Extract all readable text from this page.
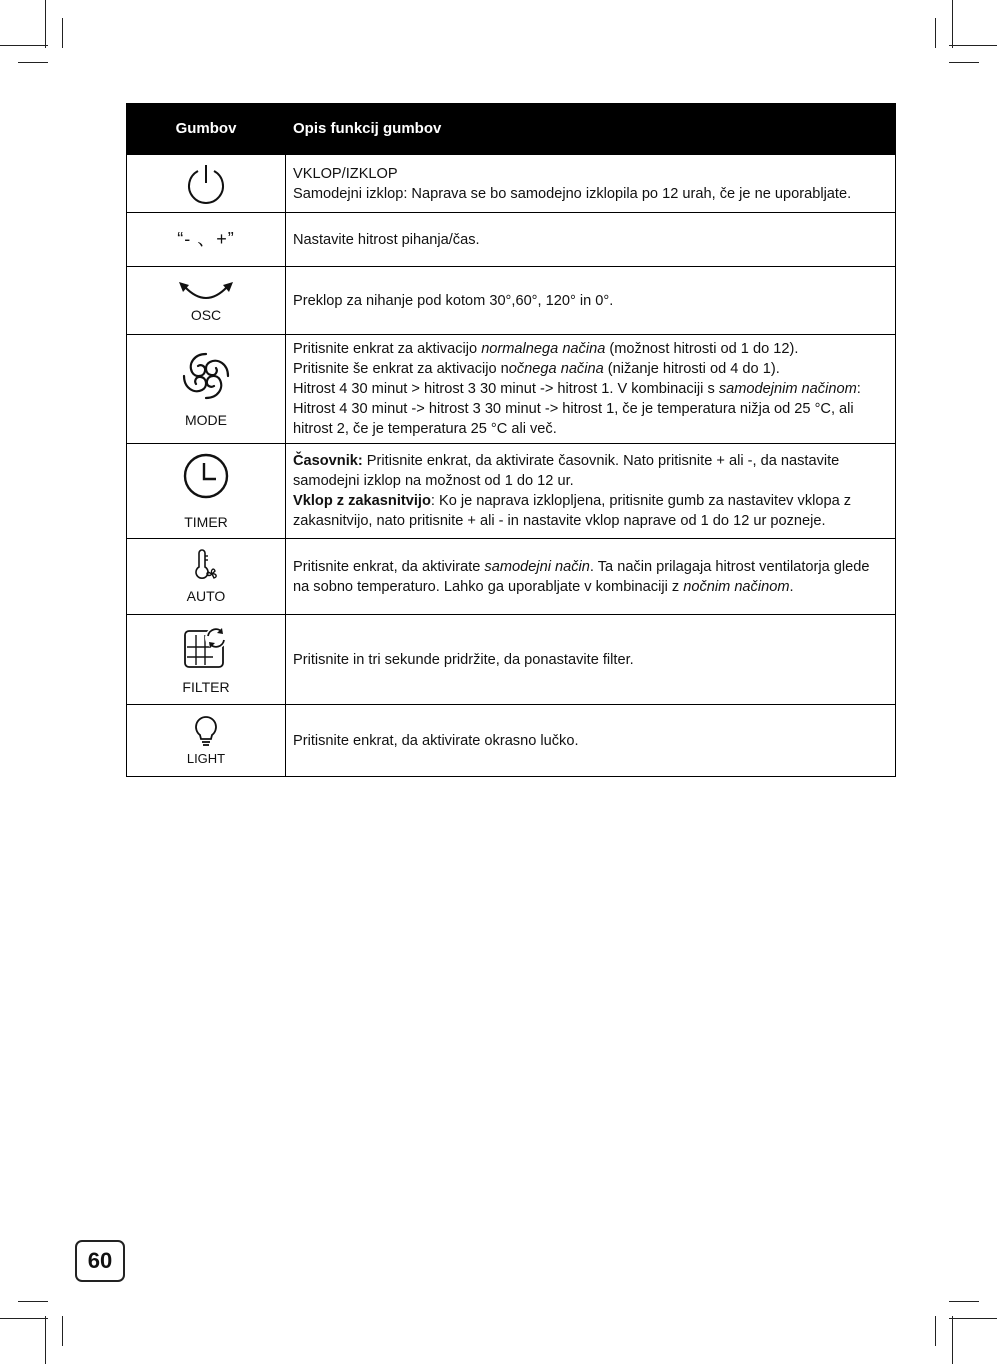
Gumbov	Opis funkcij gumbov

VKLOP/IZKLOP
Samodejni izklop: Naprava se bo samodejno izklopila po 12 urah, če je ne uporabljate.

“- 、+”	Nastavite hitrost pihanja/čas.

OSC	Preklop za nihanje pod kotom 30°,60°, 120° in 0°.

MODE	Pritisnite enkrat za aktivacijo normalnega načina (možnost hitrosti od 1 do 12).
Pritisnite še enkrat za aktivacijo nočnega načina (nižanje hitrosti od 4 do 1).
Hitrost 4 30 minut > hitrost 3 30 minut -> hitrost 1. V kombinaciji s samodejnim načinom: Hitrost 4 30 minut -> hitrost 3 30 minut -> hitrost 1, če je temperatura nižja od 25 °C, ali hitrost 2, če je temperatura 25 °C ali več.

TIMER	Časovnik: Pritisnite enkrat, da aktivirate časovnik. Nato pritisnite + ali -, da nastavite samodejni izklop na možnost od 1 do 12 ur.
Vklop z zakasnitvijo: Ko je naprava izklopljena, pritisnite gumb za nastavitev vklopa z zakasnitvijo, nato pritisnite + ali - in nastavite vklop naprave od 1 do 12 ur pozneje.

AUTO	Pritisnite enkrat, da aktivirate samodejni način. Ta način prilagaja hitrost ventilatorja glede na sobno temperaturo. Lahko ga uporabljate v kombinaciji z nočnim načinom.

FILTER	Pritisnite in tri sekunde pridržite, da ponastavite filter.

LIGHT	Pritisnite enkrat, da aktivirate okrasno lučko.
60
